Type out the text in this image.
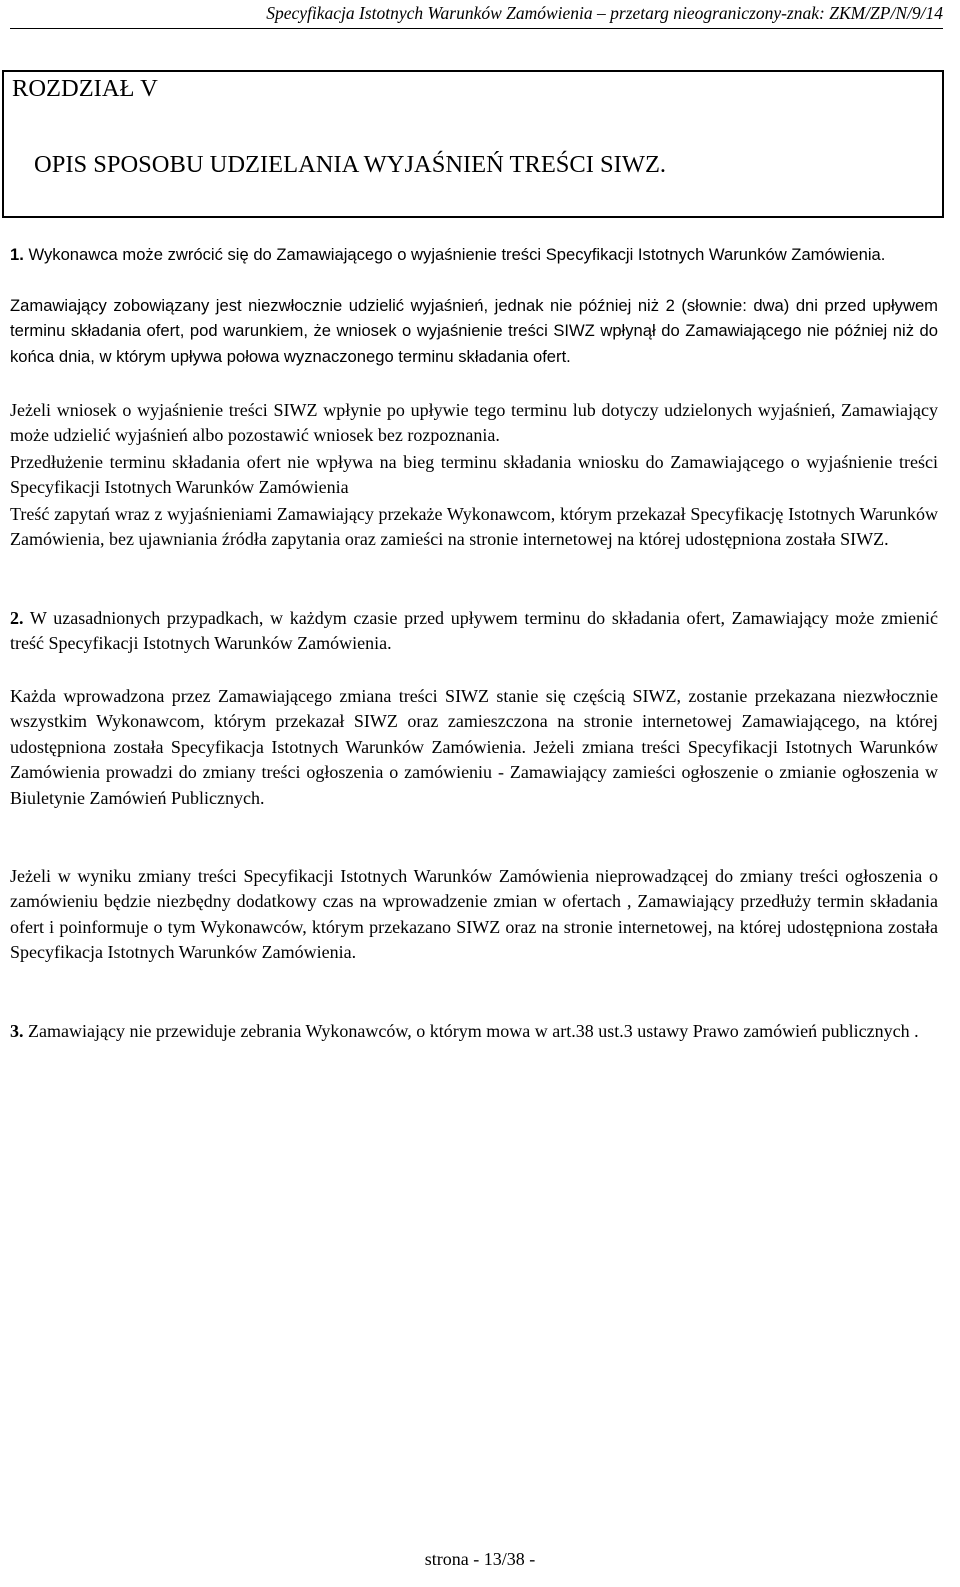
Specyfikacja Istotnych Warunków Zamówienia – przetarg nieograniczony-znak: ZKM/ZP/N/9/14
ROZDZIAŁ V
OPIS SPOSOBU UDZIELANIA WYJAŚNIEŃ TREŚCI SIWZ.

1. Wykonawca może zwrócić się do Zamawiającego o wyjaśnienie treści Specyfikacji Istotnych Warunków Zamówienia.

Zamawiający zobowiązany jest niezwłocznie udzielić wyjaśnień, jednak nie później niż 2 (słownie: dwa) dni przed upływem terminu składania ofert, pod warunkiem, że wniosek o wyjaśnienie treści SIWZ wpłynął do Zamawiającego nie później niż do końca dnia, w którym upływa połowa wyznaczonego terminu składania ofert.

Jeżeli wniosek o wyjaśnienie treści SIWZ wpłynie po upływie tego terminu lub dotyczy udzielonych wyjaśnień, Zamawiający może udzielić wyjaśnień albo pozostawić wniosek bez rozpoznania.

Przedłużenie terminu składania ofert nie wpływa na bieg terminu składania wniosku do Zamawiającego o wyjaśnienie treści Specyfikacji Istotnych Warunków Zamówienia

Treść zapytań wraz z wyjaśnieniami Zamawiający przekaże Wykonawcom, którym przekazał Specyfikację Istotnych Warunków Zamówienia, bez ujawniania źródła zapytania oraz zamieści na stronie internetowej na której udostępniona została SIWZ.

2. W uzasadnionych przypadkach, w każdym czasie przed upływem terminu do składania ofert, Zamawiający może zmienić treść Specyfikacji Istotnych Warunków Zamówienia.

Każda wprowadzona przez Zamawiającego zmiana treści SIWZ stanie się częścią SIWZ, zostanie przekazana niezwłocznie wszystkim Wykonawcom, którym przekazał SIWZ oraz zamieszczona na stronie internetowej Zamawiającego, na której udostępniona została Specyfikacja Istotnych Warunków Zamówienia. Jeżeli zmiana treści Specyfikacji Istotnych Warunków Zamówienia prowadzi do zmiany treści ogłoszenia o zamówieniu - Zamawiający zamieści ogłoszenie o zmianie ogłoszenia w Biuletynie Zamówień Publicznych.

Jeżeli w wyniku zmiany treści Specyfikacji Istotnych Warunków Zamówienia nieprowadzącej do zmiany treści ogłoszenia o zamówieniu będzie niezbędny dodatkowy czas na wprowadzenie zmian w ofertach , Zamawiający przedłuży termin składania ofert i poinformuje o tym Wykonawców, którym przekazano SIWZ oraz na stronie internetowej, na której udostępniona została Specyfikacja Istotnych Warunków Zamówienia.

3. Zamawiający nie przewiduje zebrania Wykonawców, o którym mowa w art.38 ust.3 ustawy Prawo zamówień publicznych .

strona - 13/38 -
